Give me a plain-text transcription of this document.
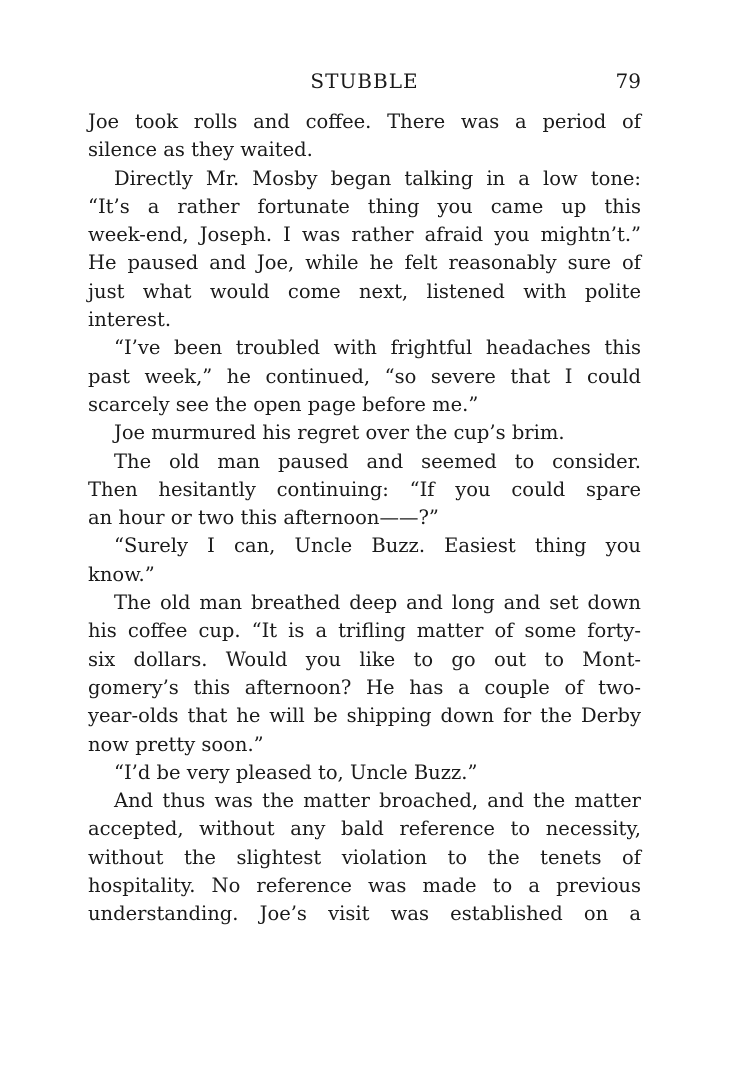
STUBBLE	79
Joe took rolls and coffee. There was a period of
silence as they waited.
Directly Mr. Mosby began talking in a low tone:
“It’s a rather fortunate thing you came up this
week-end, Joseph. I was rather afraid you mightn’t.”
He paused and Joe, while he felt reasonably sure of
just what would come next, listened with polite
interest.
“I’ve been troubled with frightful headaches this
past week,” he continued, “so severe that I could
scarcely see the open page before me.”
Joe murmured his regret over the cup’s brim.
The old man paused and seemed to consider.
Then hesitantly continuing: “If you could spare
an hour or two this afternoon——?”
“Surely I can, Uncle Buzz. Easiest thing you
know.”
The old man breathed deep and long and set down
his coffee cup. “It is a trifling matter of some forty-
six dollars. Would you like to go out to Mont-
gomery’s this afternoon? He has a couple of two-
year-olds that he will be shipping down for the Derby
now pretty soon.”
“I’d be very pleased to, Uncle Buzz.”
And thus was the matter broached, and the matter
accepted, without any bald reference to necessity,
without the slightest violation to the tenets of
hospitality. No reference was made to a previous
understanding. Joe’s visit was established on a
